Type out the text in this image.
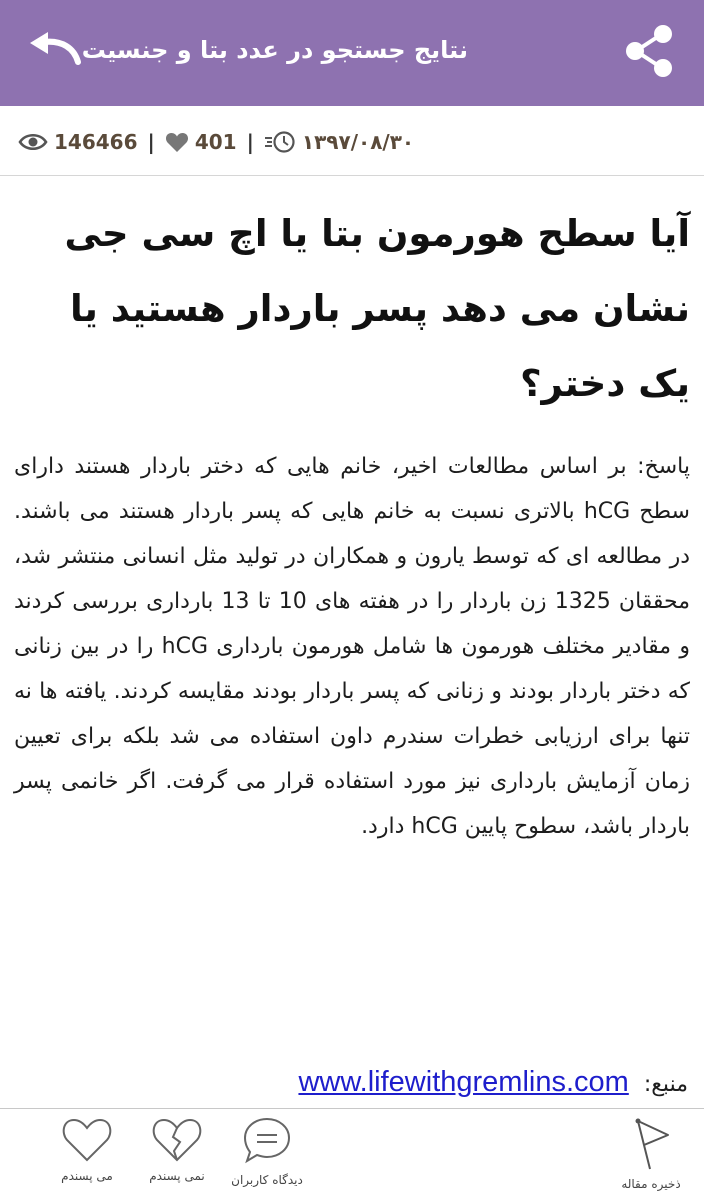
نتایج جستجو در عدد بتا و جنسیت
146466 | 401 | ۱۳۹۷/۰۸/۳۰
آیا سطح هورمون بتا یا اچ سی جی نشان می دهد پسر باردار هستید یا یک دختر؟

پاسخ: بر اساس مطالعات اخیر، خانم هایی که دختر باردار هستند دارای سطح hCG بالاتری نسبت به خانم هایی که پسر باردار هستند می باشند. در مطالعه ای که توسط یارون و همکاران در تولید مثل انسانی منتشر شد، محققان 1325 زن باردار را در هفته های 10 تا 13 بارداری بررسی کردند و مقادیر مختلف هورمون ها شامل هورمون بارداری hCG را در بین زنانی که دختر باردار بودند و زنانی که پسر باردار بودند مقایسه کردند. یافته ها نه تنها برای ارزیابی خطرات سندرم داون استفاده می شد بلکه برای تعیین زمان آزمایش بارداری نیز مورد استفاده قرار می گرفت. اگر خانمی پسر باردار باشد، سطوح پایین hCG دارد.

منبع: www.lifewithgremlins.com
ذخیره مقاله
دیدگاه کاربران
نمی پسندم
می پسندم
